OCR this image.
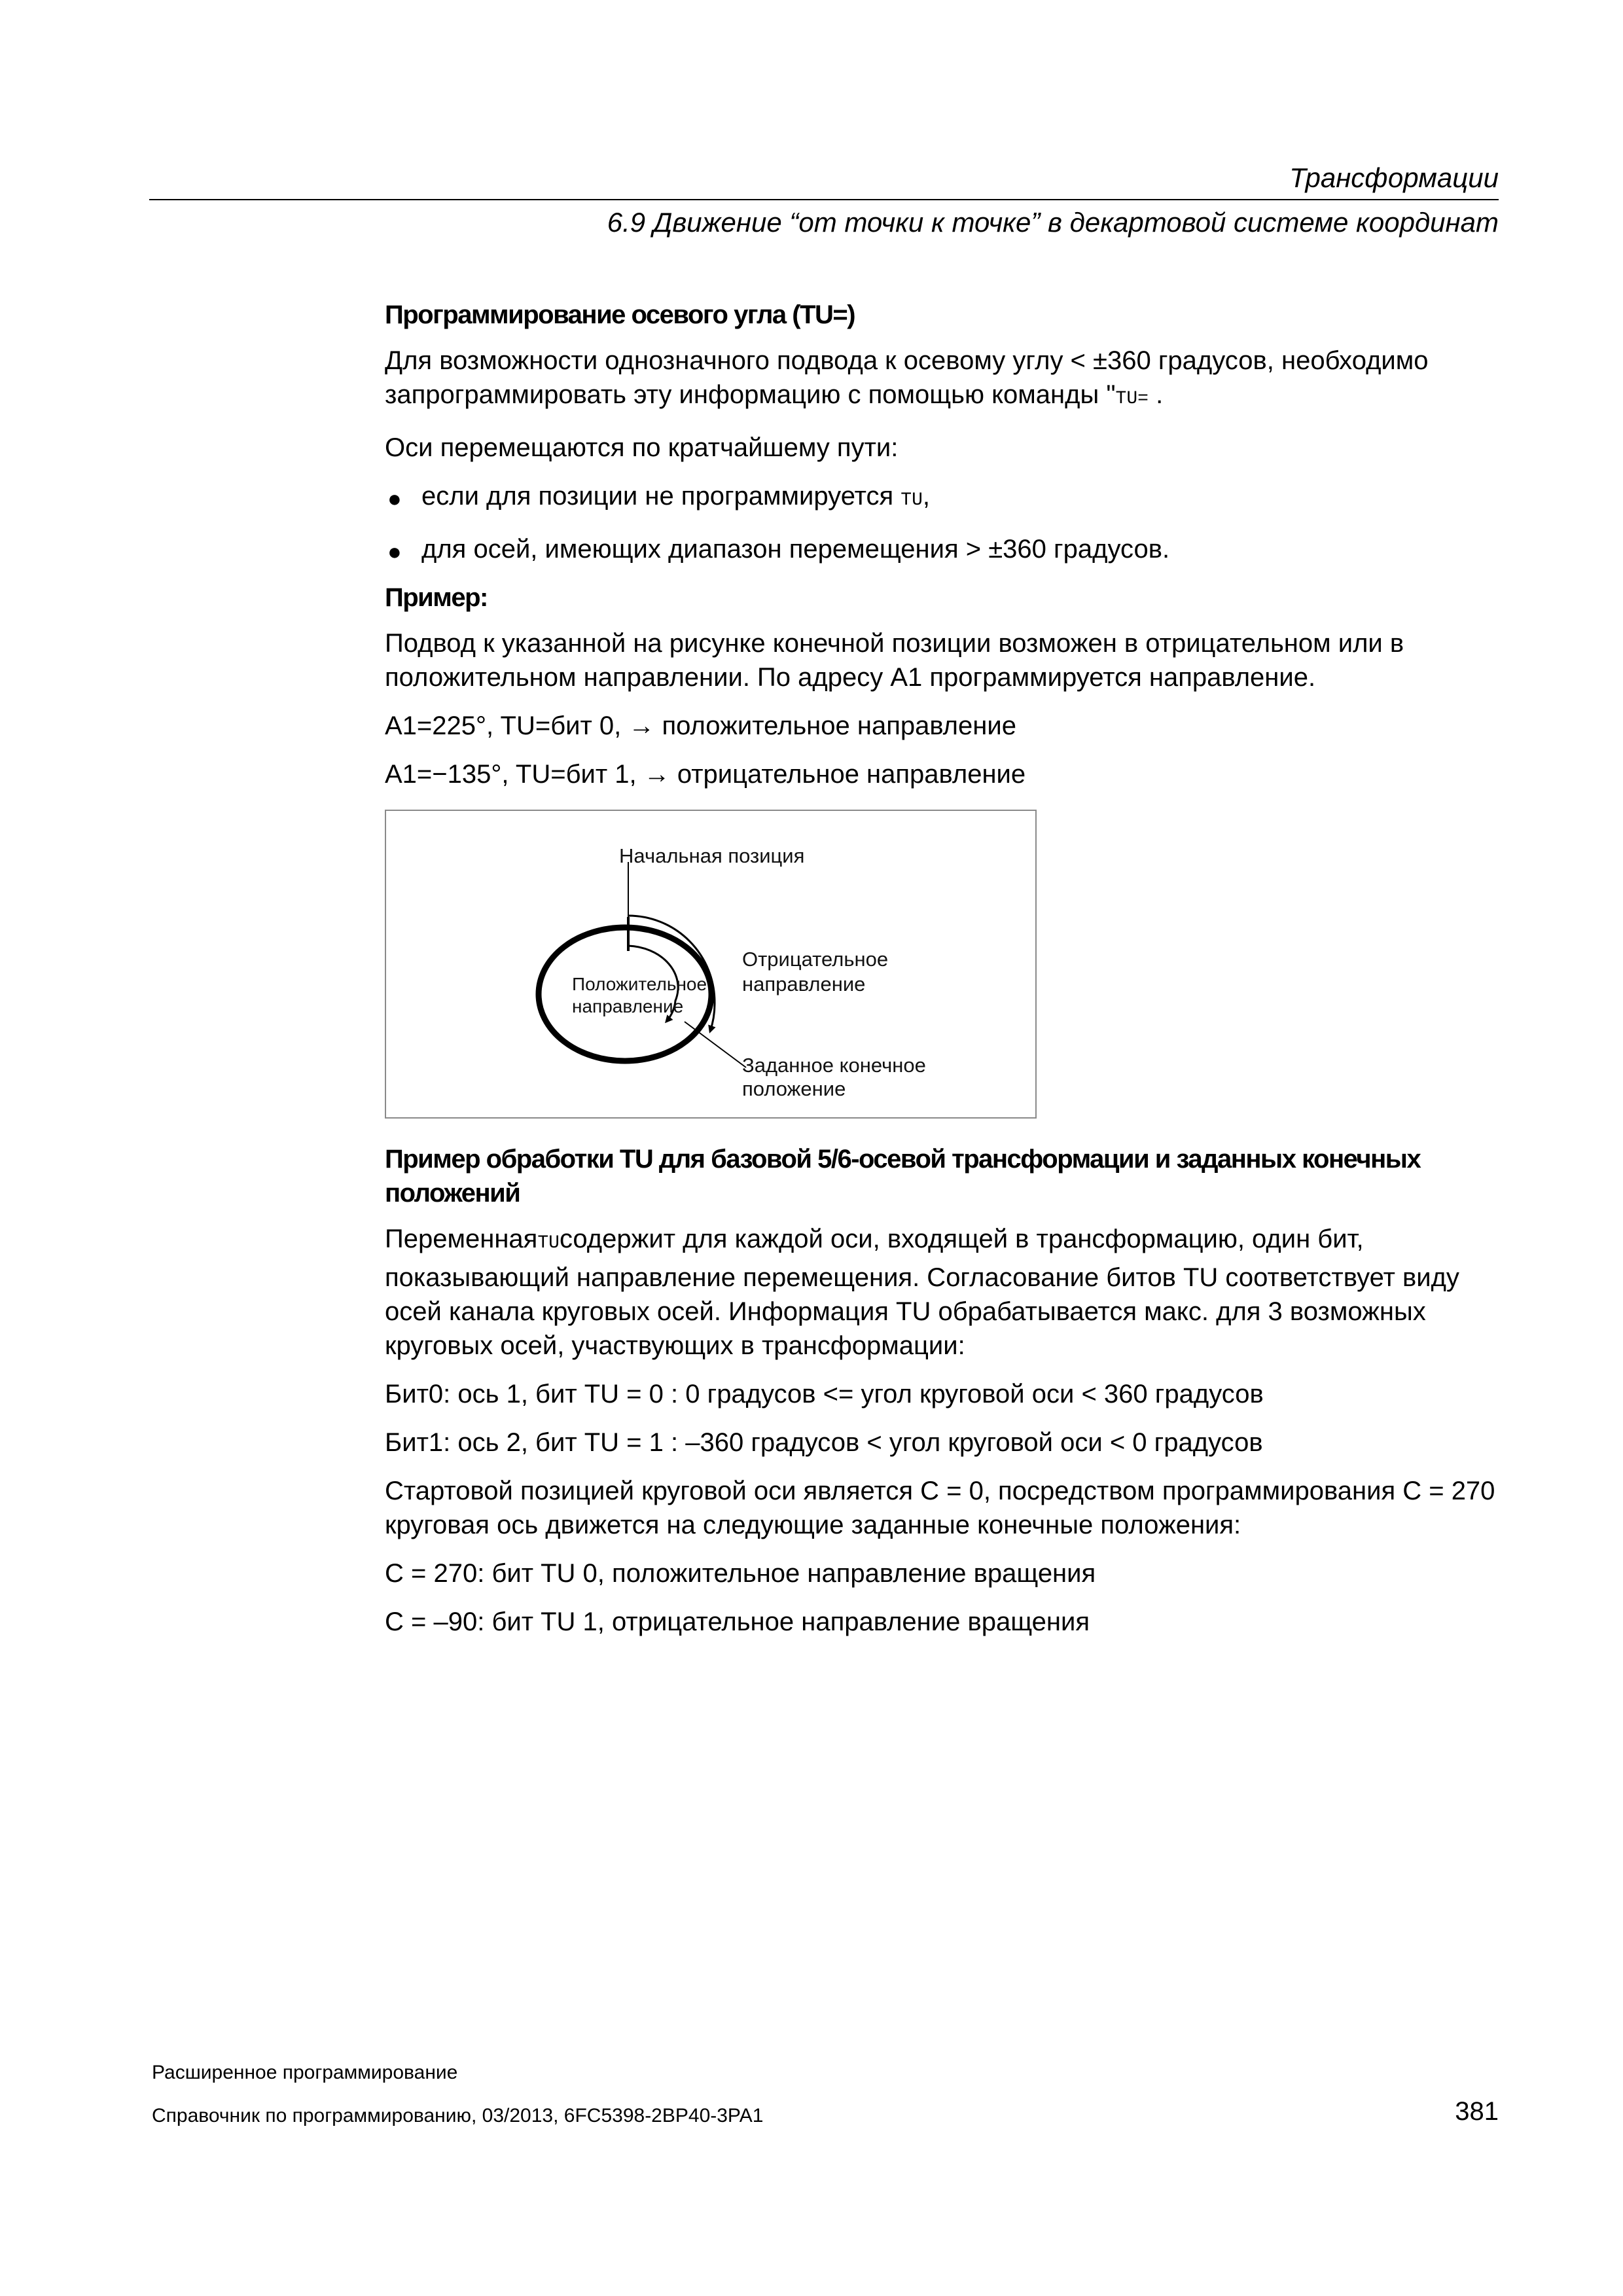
Трансформации
6.9 Движение “от точки к точке” в декартовой системе координат
Программирование осевого угла (TU=)
Для возможности однозначного подвода к осевому углу < ±360 градусов, необходимо запрограммировать эту информацию с помощью команды "TU= .
Оси перемещаются по кратчайшему пути:
● если для позиции не программируется TU,
● для осей, имеющих диапазон перемещения > ±360 градусов.
Пример:
Подвод к указанной на рисунке конечной позиции возможен в отрицательном или в положительном направлении. По адресу A1 программируется направление.
A1=225°, TU=бит 0, → положительное направление
A1=−135°, TU=бит 1, → отрицательное направление
Начальная позиция
Отрицательное
направление
Положительное
направление
Заданное конечное
положение
Пример обработки TU для базовой 5/6-осевой трансформации и заданных конечных положений
ПеременнаяTUсодержит для каждой оси, входящей в трансформацию, один бит, показывающий направление перемещения. Согласование битов TU соответствует виду осей канала круговых осей. Информация TU обрабатывается макс. для 3 возможных круговых осей, участвующих в трансформации:
Бит0: ось 1, бит TU = 0 : 0 градусов <= угол круговой оси < 360 градусов
Бит1: ось 2, бит TU = 1 : –360 градусов < угол круговой оси < 0 градусов
Стартовой позицией круговой оси является C = 0, посредством программирования C = 270 круговая ось движется на следующие заданные конечные положения:
C = 270: бит TU 0, положительное направление вращения
C = –90: бит TU 1, отрицательное направление вращения
Расширенное программирование
Справочник по программированию, 03/2013, 6FC5398-2BP40-3PA1	381
